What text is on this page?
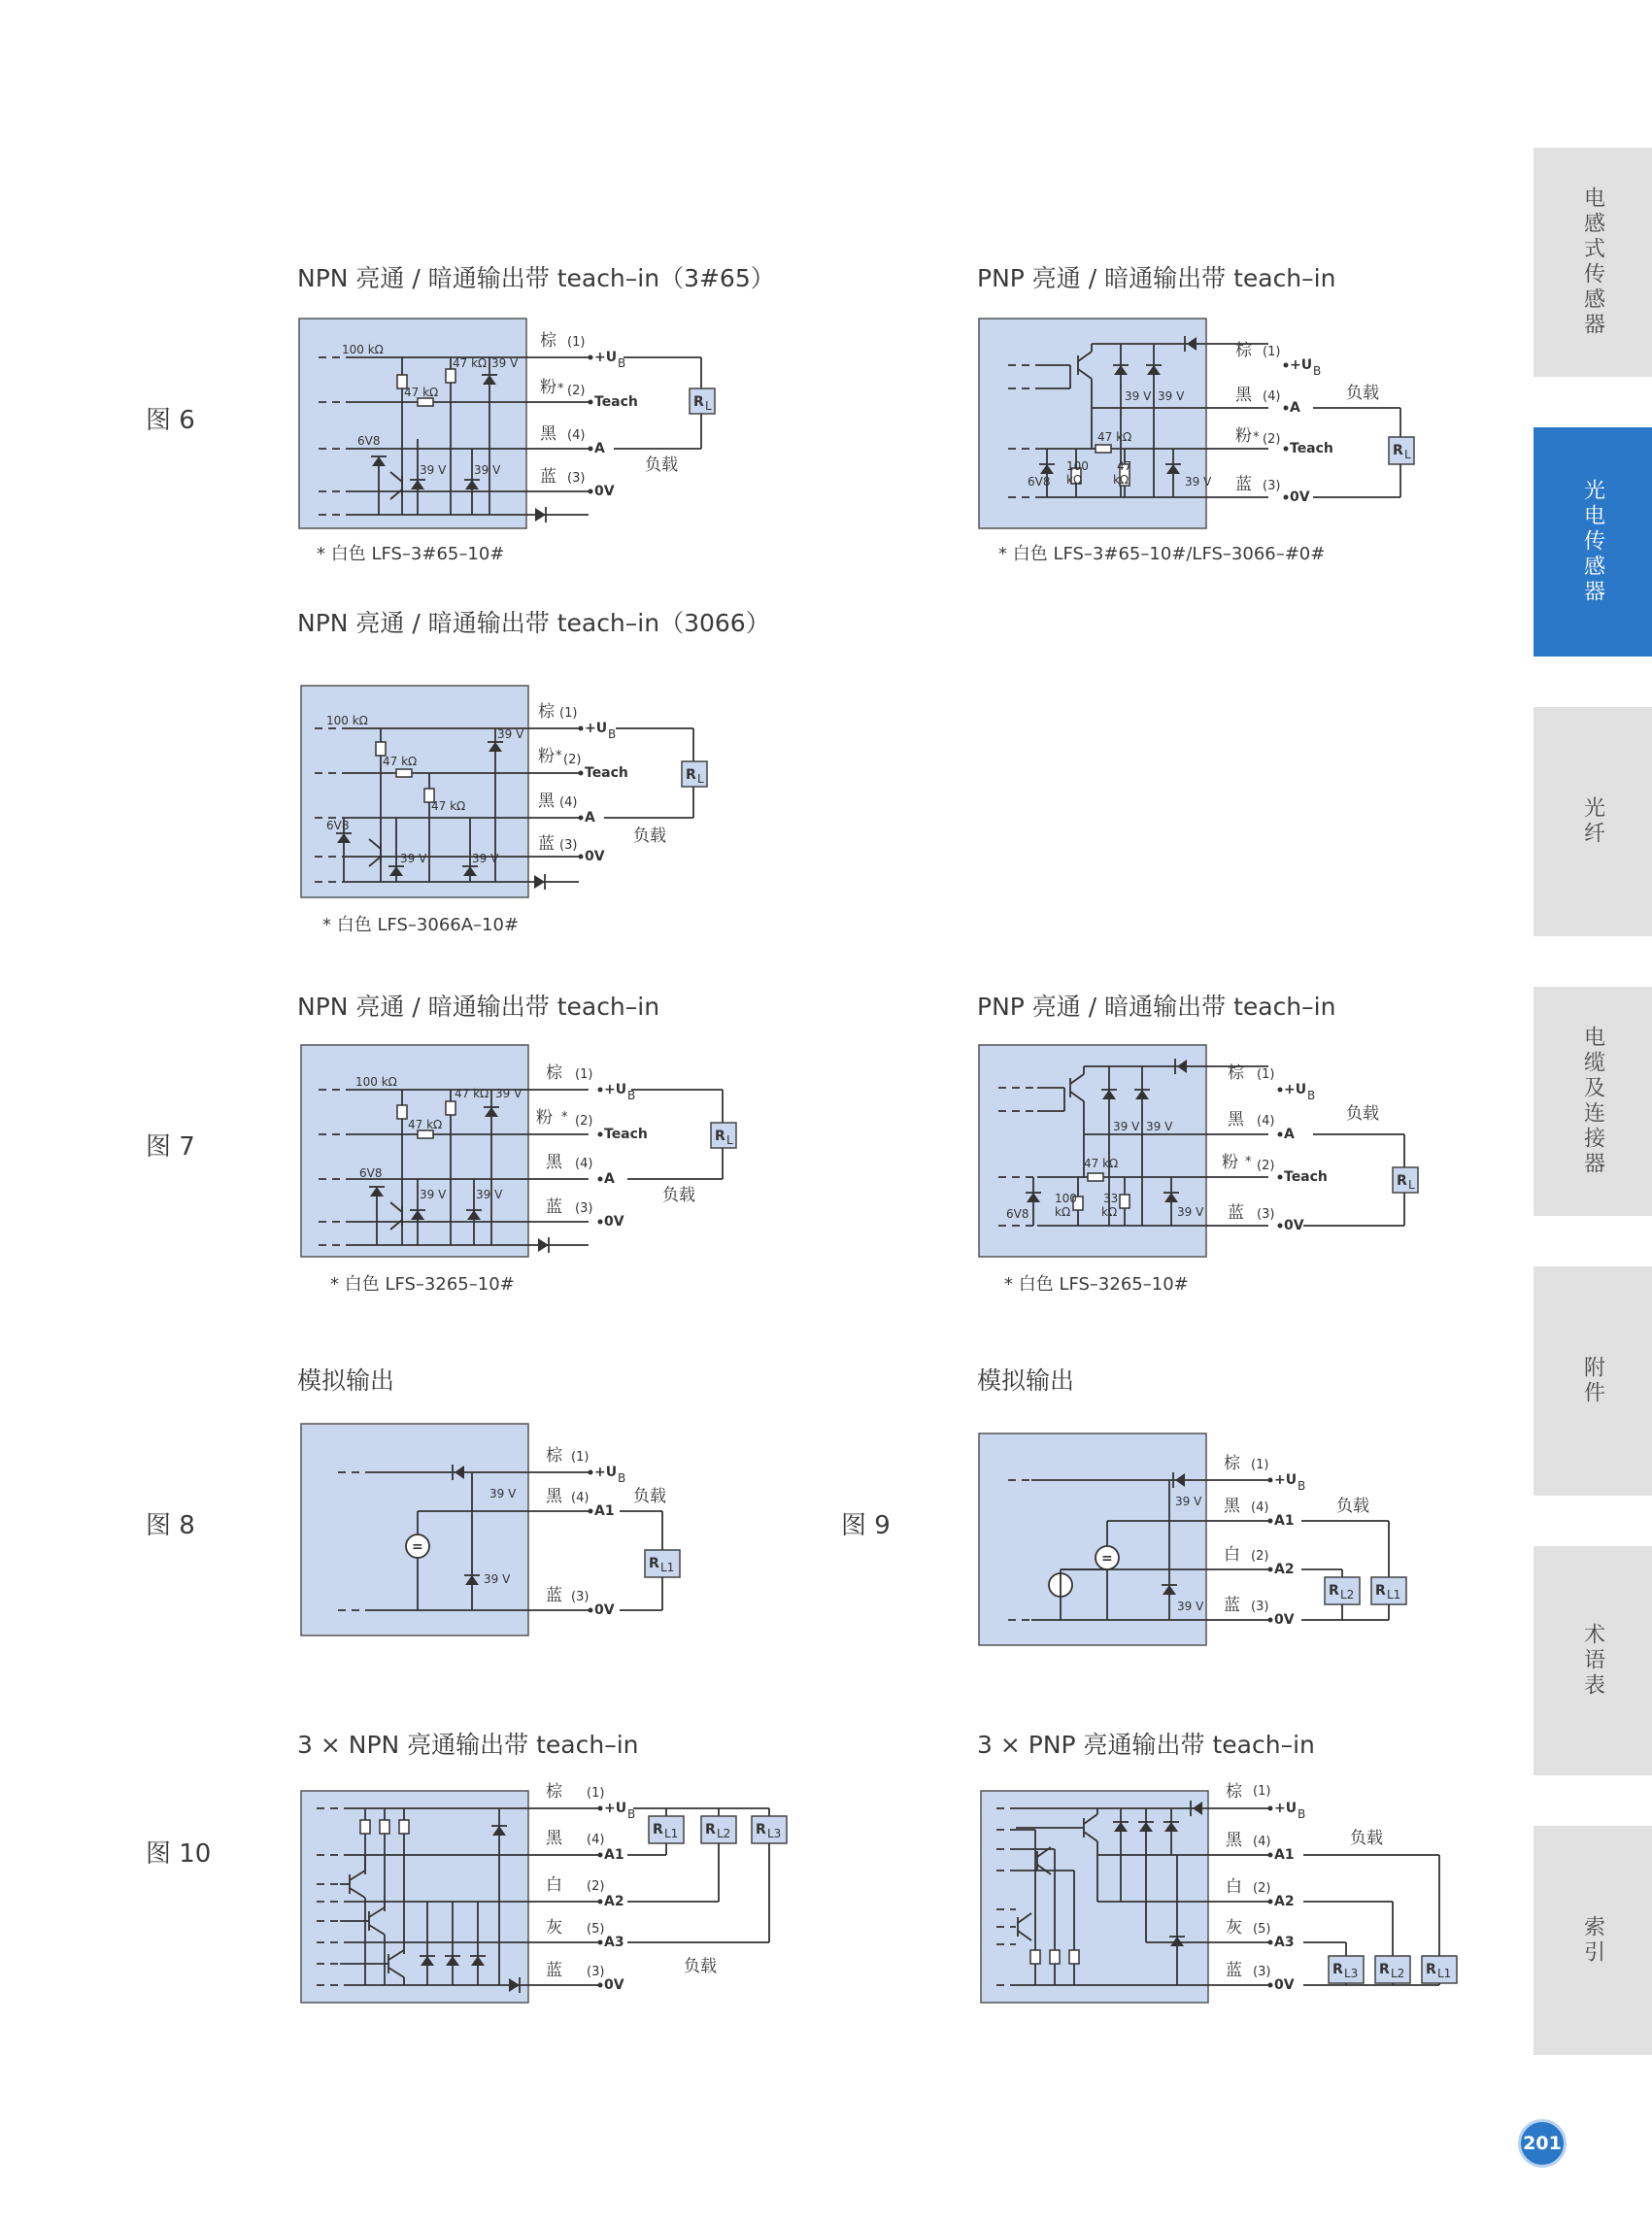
NPN 亮通 / 暗通输出带 teach–in（3#65）	PNP 亮通 / 暗通输出带 teach–in
NPN 亮通 / 暗通输出带 teach–in（3066）
NPN 亮通 / 暗通输出带 teach–in	PNP 亮通 / 暗通输出带 teach–in
模拟输出	模拟输出
3 × NPN 亮通输出带 teach–in	3 × PNP 亮通输出带 teach–in
图 6
图 7
图 8	图 9
图 10
* 白色 LFS–3#65–10#	* 白色 LFS–3#65–10#/LFS–3066–#0#
* 白色 LFS–3066A–10#
* 白色 LFS–3265–10#	* 白色 LFS–3265–10#
100 kΩ
47 kΩ
47 kΩ 39 V
6V8
39 V 39 V
棕 (1)
粉 * (2)
黑 (4)
蓝 (3)
+U B
Teach
A
0V
R L
负载
39 V 39 V
47 kΩ
6V8
100
kΩ
47
kΩ	39 V
棕 (1)
黑 (4)
粉 * (2)
蓝 (3)
+U B
A
Teach
0V
负载
R L
100 kΩ
47 kΩ
47 kΩ
39 V
6V8
39 V	39 V
棕 (1)
粉 * (2)
黑 (4)
蓝 (3)
+U B
Teach
A
0V
R L
负载
100 kΩ
47 kΩ
47 kΩ 39 V
6V8
39 V	39 V
棕 (1)
粉 * (2)
黑 (4)
蓝 (3)
+U B
Teach
A
0V
R L
负载
39 V 39 V
47 kΩ
6V8
100
kΩ
33
kΩ	39 V
棕 (1)
黑 (4)
粉 * (2)
蓝 (3)
+U B
A
Teach
0V
负载
R L
=
39 V
39 V
棕 (1)
黑 (4)
蓝 (3)
+U B
A1
0V
负载
R L1
=
39 V
39 V
棕 (1)
黑 (4)
白 (2)
蓝 (3)
+U B
A1
A2
0V
负载
R L2 R L1
棕 (1)
黑 (4)
白 (2)
灰 (5)
蓝 (3)
+U B
A1
A2
A3
0V
R L1 R L2 R L3
负载
棕 (1)
黑 (4)
白 (2)
灰 (5)
蓝 (3)
+U B
A1
A2
A3
0V
负载
R L3 R L2 R L1
电感式传感器
光电传感器
光纤
电缆及连接器
附件
术语表
索引
201
